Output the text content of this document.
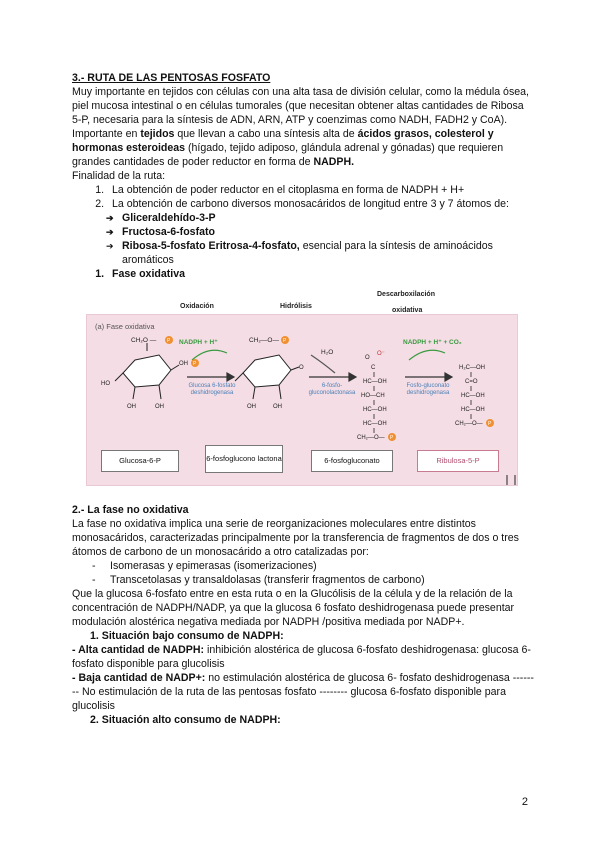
3.- RUTA DE LAS PENTOSAS FOSFATO

Muy importante en tejidos con células con una alta tasa de división celular, como la médula ósea, piel mucosa intestinal o en células tumorales (que necesitan obtener altas cantidades de Ribosa 5-P, necesaria para la síntesis de ADN, ARN, ATP y coenzimas como NADH, FADH2 y CoA).

Importante en tejidos que llevan a cabo una síntesis alta de ácidos grasos, colesterol y hormonas esteroideas (hígado, tejido adiposo, glándula adrenal y gónadas) que requieren grandes cantidades de poder reductor en forma de NADPH.

Finalidad de la ruta:

1. La obtención de poder reductor en el citoplasma en forma de NADPH + H+
2. La obtención de carbono diversos monosacáridos de longitud entre 3 y 7 átomos de:
➔ Gliceraldehído-3-P
➔ Fructosa-6-fosfato
➔ Ribosa-5-fosfato Eritrosa-4-fosfato, esencial para la síntesis de aminoácidos aromáticos
1. Fase oxidativa
Oxidación	Hidrólisis
Descarboxilación
oxidativa
(a) Fase oxidativa
CH₂O — P
HO
OH
OH
OH
P
CH₂—O— P
O
OH
OH
O
O⁻
C
HC—OH
HO—CH
HC—OH
HC—OH
CH₂—O— P
H₂C—OH
C=O
HC—OH
HC—OH
CH₂—O— P
NADPH + H⁺
H₂O
NADPH + H⁺ + CO₂
Glucosa 6-fosfato deshidrogenasa
6-fosfo-gluconolactonasa
Fosfo-gluconato deshidrogenasa
Glucosa-6-P	6-fosfoglucono lactona	6-fosfogluconato	Ribulosa-5-P

2.- La fase no oxidativa

La fase no oxidativa implica una serie de reorganizaciones moleculares entre distintos monosacáridos, caracterizadas principalmente por la transferencia de fragmentos de dos o tres átomos de carbono de un monosacárido a otro catalizadas por:

- Isomerasas y epimerasas (isomerizaciones)
- Transcetolasas y transaldolasas (transferir fragmentos de carbono)

Que la glucosa 6-fosfato entre en esta ruta o en la Glucólisis de la célula y de la relación de la concentración de NADPH/NADP, ya que la glucosa 6 fosfato deshidrogenasa puede presentar modulación alostérica negativa mediada por NADPH /positiva mediada por NADP+.

1. Situación bajo consumo de NADPH:

- Alta cantidad de NADPH: inhibición alostérica de glucosa 6-fosfato deshidrogenasa: glucosa 6-fosfato disponible para glucolisis

- Baja cantidad de NADP+: no estimulación alostérica de glucosa 6- fosfato deshidrogenasa -------- No estimulación de la ruta de las pentosas fosfato -------- glucosa 6-fosfato disponible para glucolisis

2. Situación alto consumo de NADPH:

2
